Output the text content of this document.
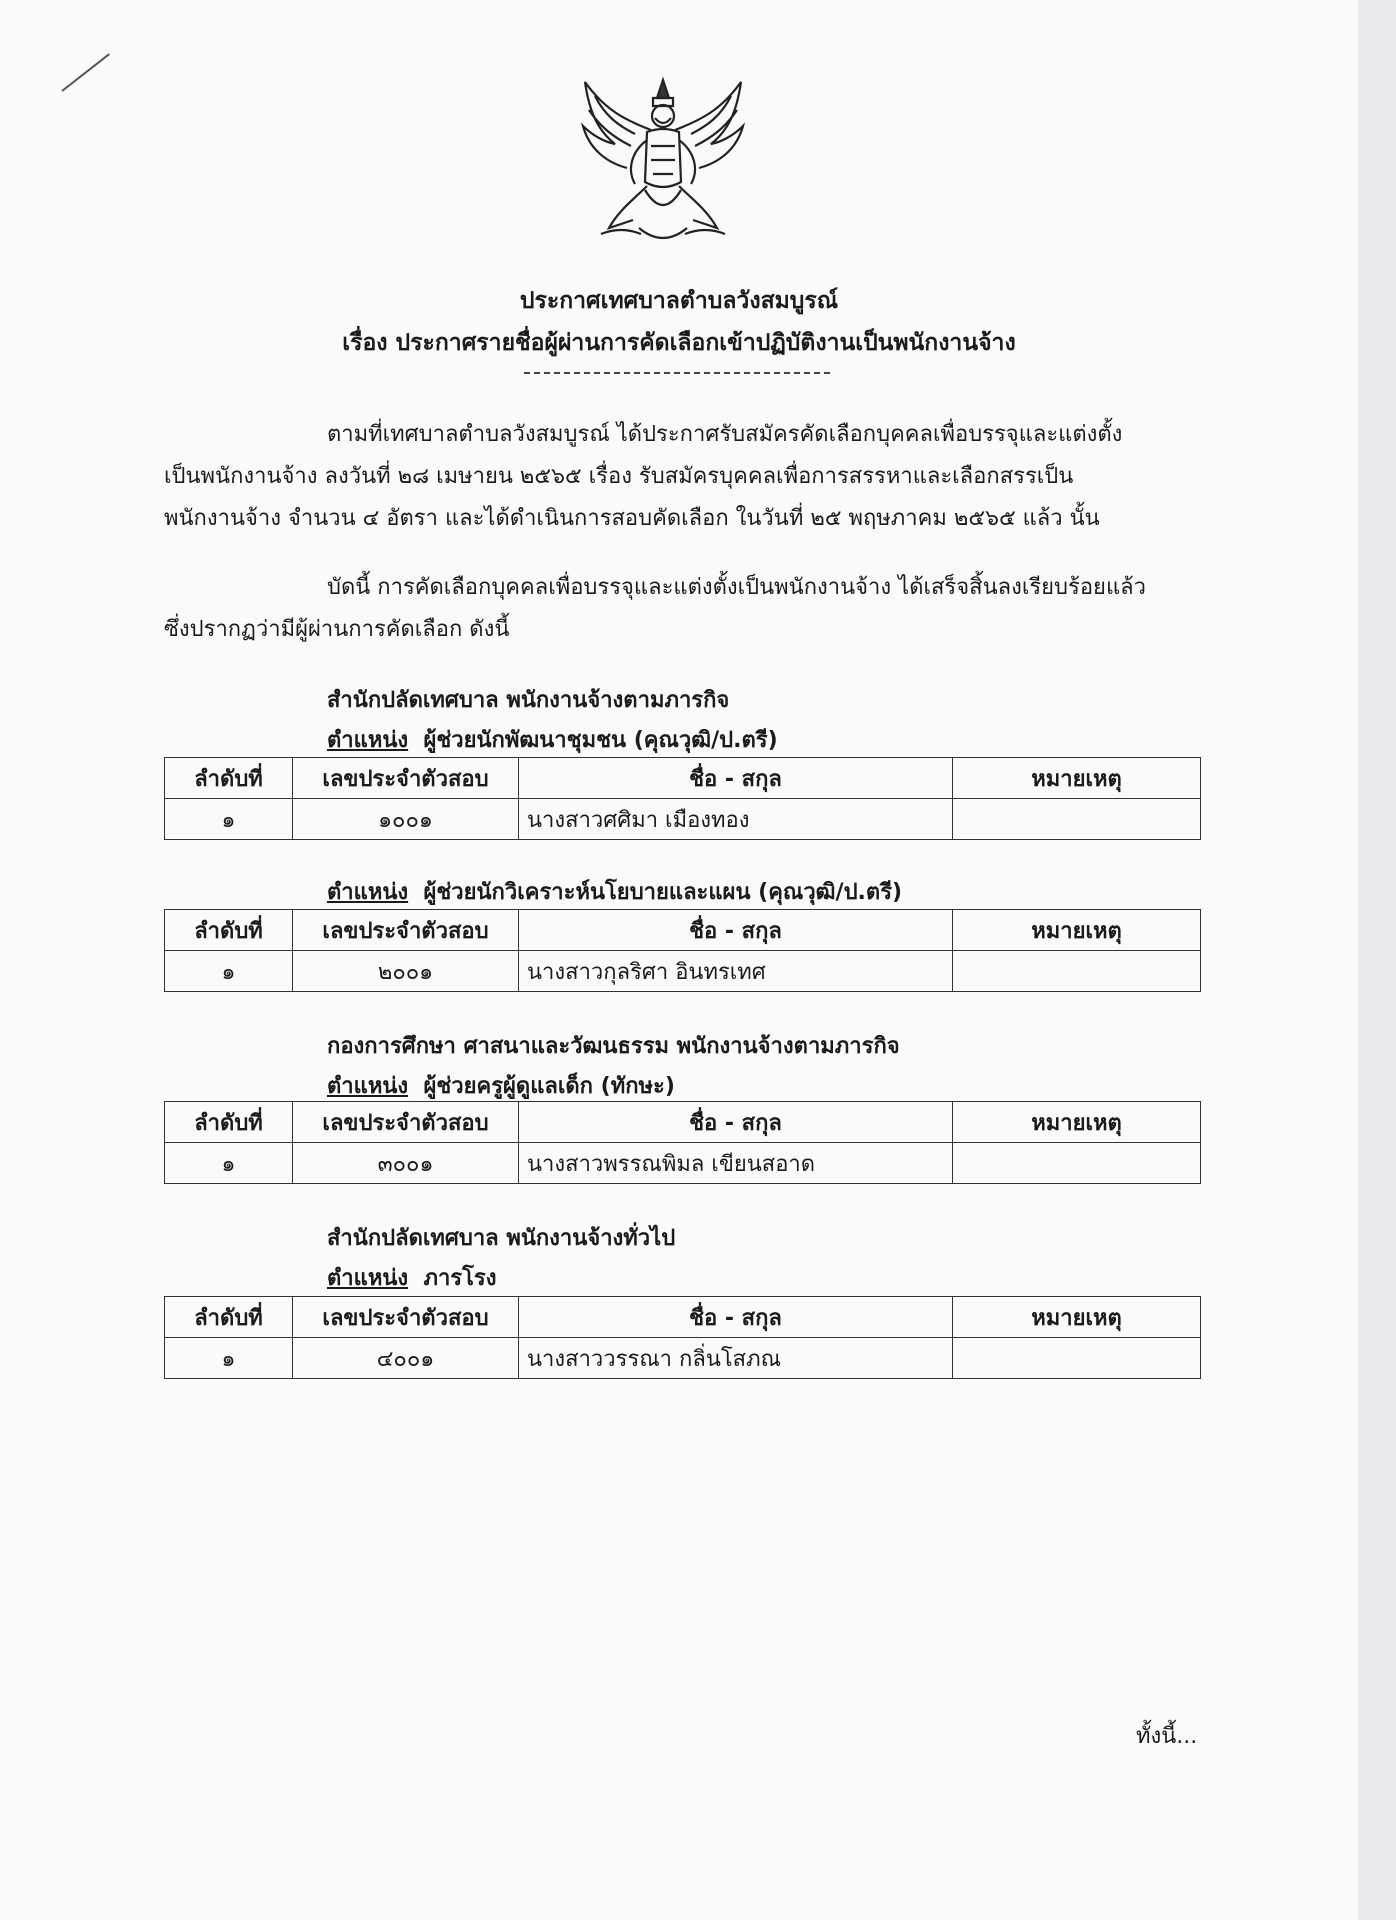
ประกาศเทศบาลตำบลวังสมบูรณ์
เรื่อง ประกาศรายชื่อผู้ผ่านการคัดเลือกเข้าปฏิบัติงานเป็นพนักงานจ้าง
ตามที่เทศบาลตำบลวังสมบูรณ์ ได้ประกาศรับสมัครคัดเลือกบุคคลเพื่อบรรจุและแต่งตั้ง
เป็นพนักงานจ้าง ลงวันที่ ๒๘ เมษายน ๒๕๖๕ เรื่อง รับสมัครบุคคลเพื่อการสรรหาและเลือกสรรเป็น
พนักงานจ้าง จำนวน ๔ อัตรา และได้ดำเนินการสอบคัดเลือก ในวันที่ ๒๕ พฤษภาคม ๒๕๖๕ แล้ว นั้น
บัดนี้ การคัดเลือกบุคคลเพื่อบรรจุและแต่งตั้งเป็นพนักงานจ้าง ได้เสร็จสิ้นลงเรียบร้อยแล้ว
ซึ่งปรากฏว่ามีผู้ผ่านการคัดเลือก ดังนี้
สำนักปลัดเทศบาล พนักงานจ้างตามภารกิจ
ตำแหน่ง ผู้ช่วยนักพัฒนาชุมชน (คุณวุฒิ/ป.ตรี)
ลำดับที่	เลขประจำตัวสอบ	ชื่อ - สกุล	หมายเหตุ
๑	๑๐๐๑	นางสาวศศิมา เมืองทอง	
ตำแหน่ง ผู้ช่วยนักวิเคราะห์นโยบายและแผน (คุณวุฒิ/ป.ตรี)
ลำดับที่	เลขประจำตัวสอบ	ชื่อ - สกุล	หมายเหตุ
๑	๒๐๐๑	นางสาวกุลริศา อินทรเทศ	
กองการศึกษา ศาสนาและวัฒนธรรม พนักงานจ้างตามภารกิจ
ตำแหน่ง ผู้ช่วยครูผู้ดูแลเด็ก (ทักษะ)
ลำดับที่	เลขประจำตัวสอบ	ชื่อ - สกุล	หมายเหตุ
๑	๓๐๐๑	นางสาวพรรณพิมล เขียนสอาด	
สำนักปลัดเทศบาล พนักงานจ้างทั่วไป
ตำแหน่ง ภารโรง
ลำดับที่	เลขประจำตัวสอบ	ชื่อ - สกุล	หมายเหตุ
๑	๔๐๐๑	นางสาววรรณา กลิ่นโสภณ	
ทั้งนี้...
